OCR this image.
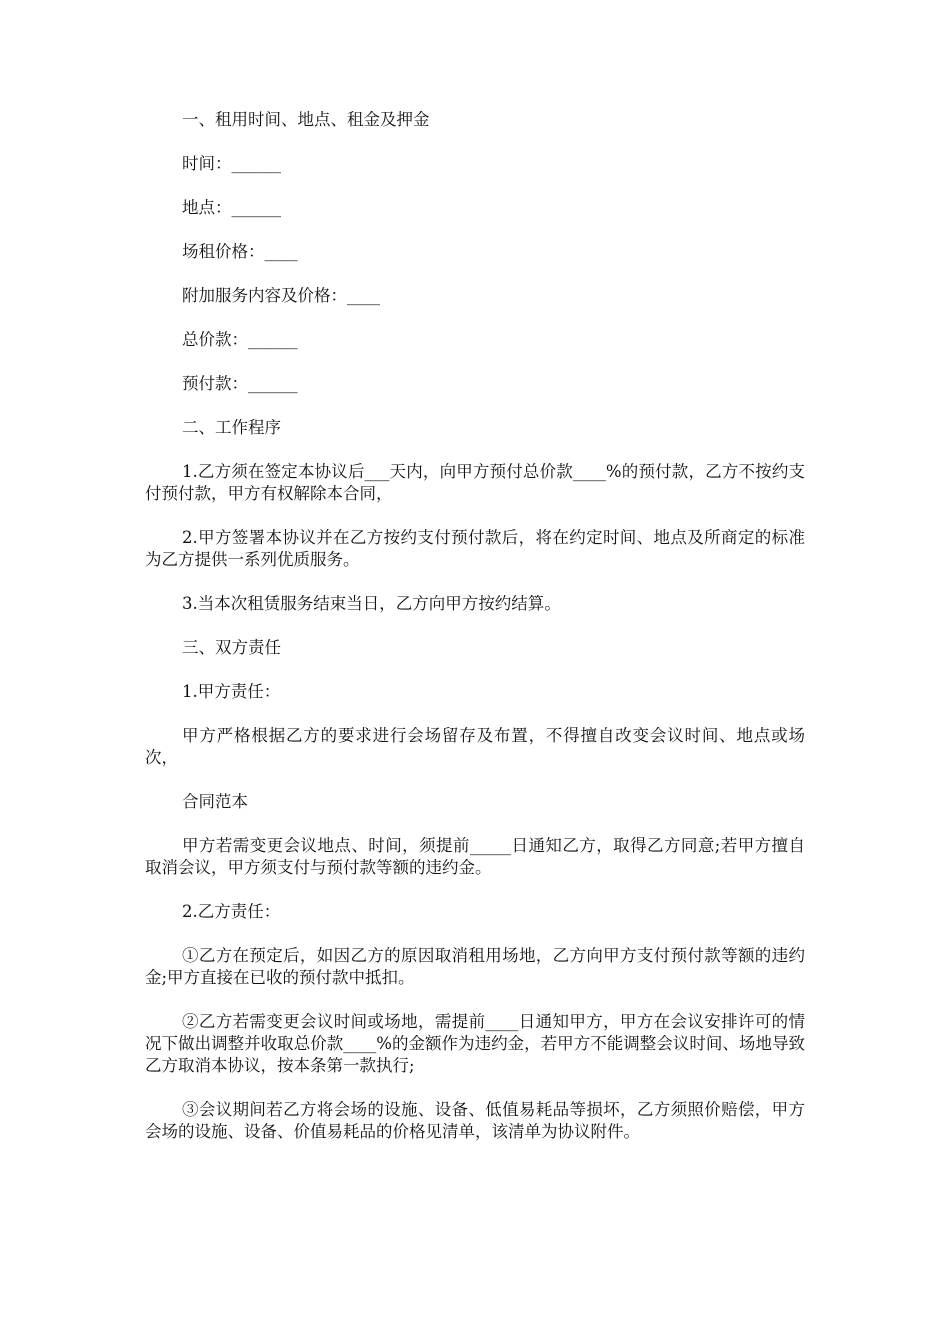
一、租用时间、地点、租金及押金

时间：______

地点：______

场租价格：____

附加服务内容及价格：____

总价款：______

预付款：______

二、工作程序

1.乙方须在签定本协议后___天内，向甲方预付总价款____%的预付款，乙方不按约支付预付款，甲方有权解除本合同，

2.甲方签署本协议并在乙方按约支付预付款后，将在约定时间、地点及所商定的标准为乙方提供一系列优质服务。

3.当本次租赁服务结束当日，乙方向甲方按约结算。

三、双方责任

1.甲方责任：

甲方严格根据乙方的要求进行会场留存及布置，不得擅自改变会议时间、地点或场次，

合同范本

甲方若需变更会议地点、时间，须提前_____日通知乙方，取得乙方同意;若甲方擅自取消会议，甲方须支付与预付款等额的违约金。

2.乙方责任：

①乙方在预定后，如因乙方的原因取消租用场地，乙方向甲方支付预付款等额的违约金;甲方直接在已收的预付款中抵扣。

②乙方若需变更会议时间或场地，需提前____日通知甲方，甲方在会议安排许可的情况下做出调整并收取总价款____%的金额作为违约金，若甲方不能调整会议时间、场地导致乙方取消本协议，按本条第一款执行;

③会议期间若乙方将会场的设施、设备、低值易耗品等损坏，乙方须照价赔偿，甲方会场的设施、设备、价值易耗品的价格见清单，该清单为协议附件。
